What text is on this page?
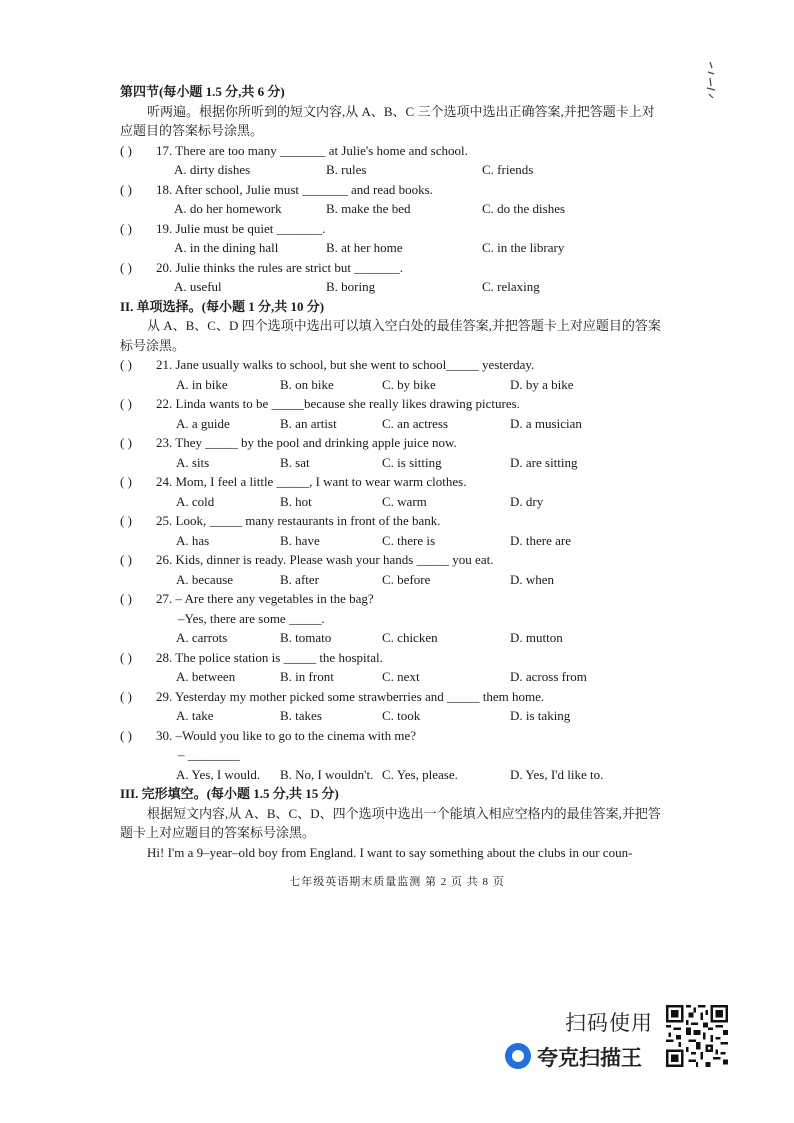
第四节(每小题 1.5 分,共 6 分)
听两遍。根据你所听到的短文内容,从 A、B、C 三个选项中选出正确答案,并把答题卡上对
应题目的答案标号涂黑。
( )	17. There are too many _______ at Julie's home and school.
A. dirty dishes	B. rules	C. friends
( )	18. After school, Julie must _______ and read books.
A. do her homework	B. make the bed	C. do the dishes
( )	19. Julie must be quiet _______.
A. in the dining hall	B. at her home	C. in the library
( )	20. Julie thinks the rules are strict but _______.
A. useful	B. boring	C. relaxing
II. 单项选择。(每小题 1 分,共 10 分)
从 A、B、C、D 四个选项中选出可以填入空白处的最佳答案,并把答题卡上对应题目的答案
标号涂黑。
( )	21. Jane usually walks to school, but she went to school_____ yesterday.
A. in bike	B. on bike	C. by bike	D. by a bike
( )	22. Linda wants to be _____because she really likes drawing pictures.
A. a guide	B. an artist	C. an actress	D. a musician
( )	23. They _____ by the pool and drinking apple juice now.
A. sits	B. sat	C. is sitting	D. are sitting
( )	24. Mom, I feel a little _____, I want to wear warm clothes.
A. cold	B. hot	C. warm	D. dry
( )	25. Look, _____ many restaurants in front of the bank.
A. has	B. have	C. there is	D. there are
( )	26. Kids, dinner is ready. Please wash your hands _____ you eat.
A. because	B. after	C. before	D. when
( )	27. – Are there any vegetables in the bag?
–Yes, there are some _____.
A. carrots	B. tomato	C. chicken	D. mutton
( )	28. The police station is _____ the hospital.
A. between	B. in front	C. next	D. across from
( )	29. Yesterday my mother picked some strawberries and _____ them home.
A. take	B. takes	C. took	D. is taking
( )	30. –Would you like to go to the cinema with me?
– ________
A. Yes, I would. B. No, I wouldn't. C. Yes, please.	D. Yes, I'd like to.
III. 完形填空。(每小题 1.5 分,共 15 分)
根据短文内容,从 A、B、C、D、四个选项中选出一个能填入相应空格内的最佳答案,并把答
题卡上对应题目的答案标号涂黑。
Hi! I'm a 9–year–old boy from England. I want to say something about the clubs in our coun-
七年级英语期末质量监测 第 2 页 共 8 页
扫码使用
夸克扫描王
